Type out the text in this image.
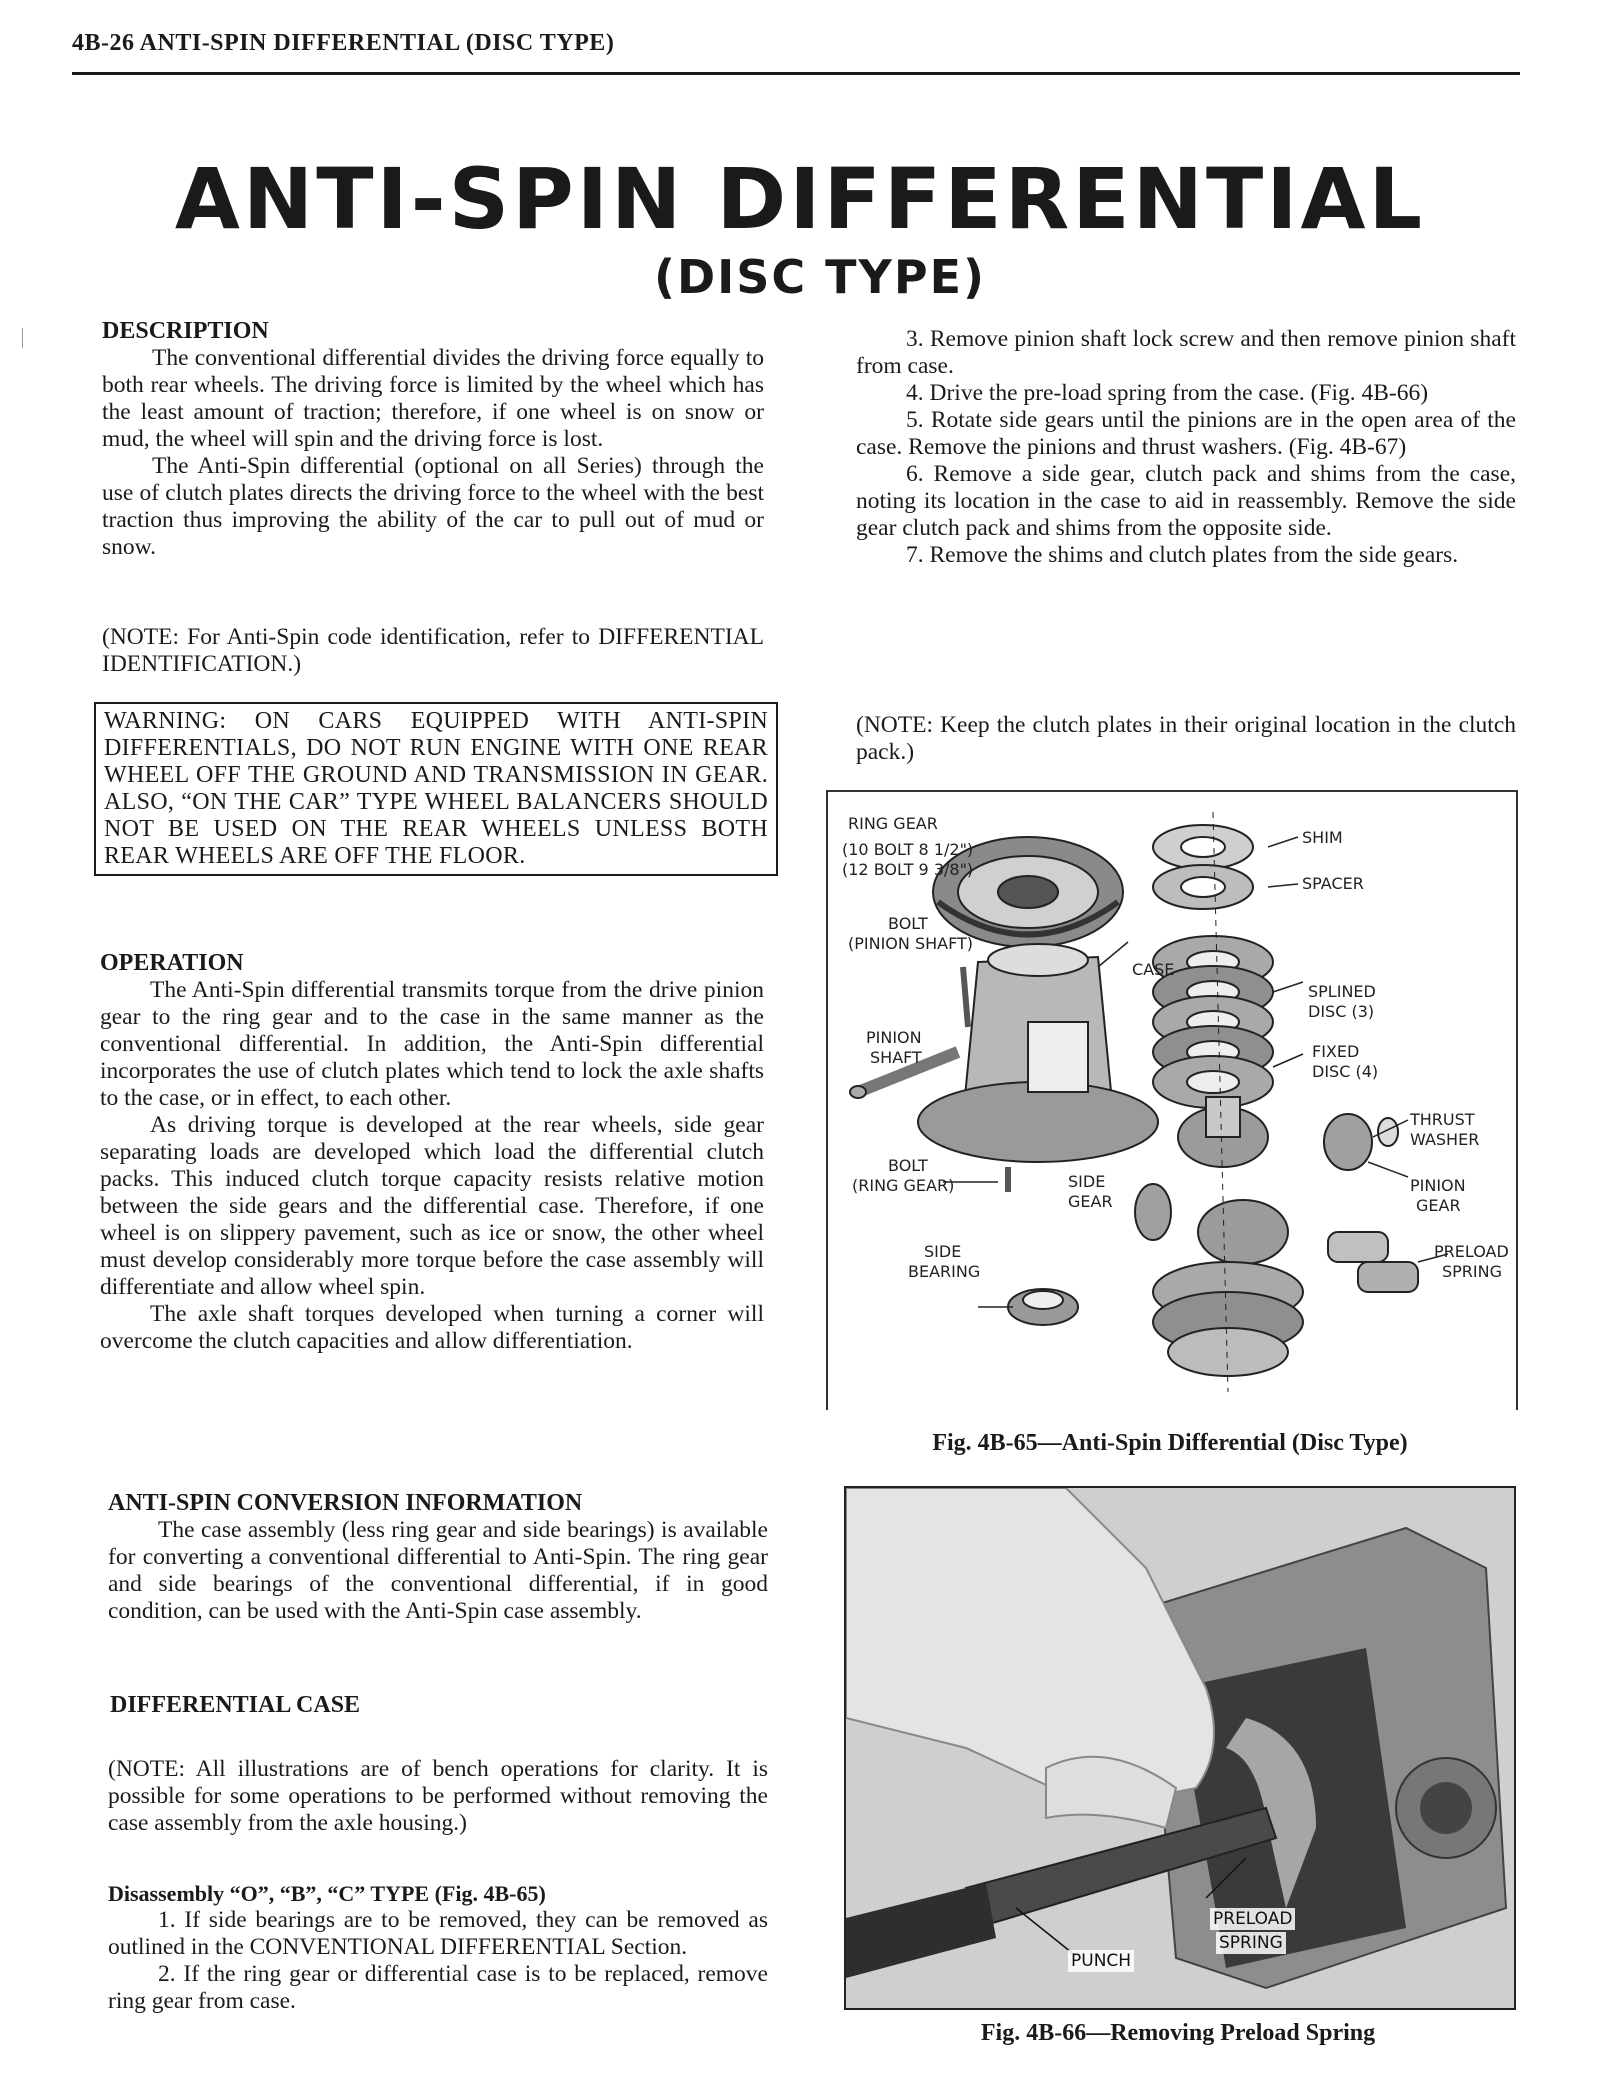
4B-26 ANTI-SPIN DIFFERENTIAL (DISC TYPE)
ANTI-SPIN DIFFERENTIAL
(DISC TYPE)

DESCRIPTION

The conventional differential divides the driving force equally to both rear wheels. The driving force is limited by the wheel which has the least amount of traction; therefore, if one wheel is on snow or mud, the wheel will spin and the driving force is lost.

The Anti-Spin differential (optional on all Series) through the use of clutch plates directs the driving force to the wheel with the best traction thus improving the ability of the car to pull out of mud or snow.

(NOTE: For Anti-Spin code identification, refer to DIFFERENTIAL IDENTIFICATION.)
WARNING: ON CARS EQUIPPED WITH ANTI-SPIN DIFFERENTIALS, DO NOT RUN ENGINE WITH ONE REAR WHEEL OFF THE GROUND AND TRANSMISSION IN GEAR. ALSO, “ON THE CAR” TYPE WHEEL BALANCERS SHOULD NOT BE USED ON THE REAR WHEELS UNLESS BOTH REAR WHEELS ARE OFF THE FLOOR.

OPERATION

The Anti-Spin differential transmits torque from the drive pinion gear to the ring gear and to the case in the same manner as the conventional differential. In addition, the Anti-Spin differential incorporates the use of clutch plates which tend to lock the axle shafts to the case, or in effect, to each other.

As driving torque is developed at the rear wheels, side gear separating loads are developed which load the differential clutch packs. This induced clutch torque capacity resists relative motion between the side gears and the differential case. Therefore, if one wheel is on slippery pavement, such as ice or snow, the other wheel must develop considerably more torque before the case assembly will differentiate and allow wheel spin.

The axle shaft torques developed when turning a corner will overcome the clutch capacities and allow differentiation.

ANTI-SPIN CONVERSION INFORMATION

The case assembly (less ring gear and side bearings) is available for converting a conventional differential to Anti-Spin. The ring gear and side bearings of the conventional differential, if in good condition, can be used with the Anti-Spin case assembly.

DIFFERENTIAL CASE

(NOTE: All illustrations are of bench operations for clarity. It is possible for some operations to be performed without removing the case assembly from the axle housing.)

Disassembly “O”, “B”, “C” TYPE (Fig. 4B-65)

1. If side bearings are to be removed, they can be removed as outlined in the CONVENTIONAL DIFFERENTIAL Section.

2. If the ring gear or differential case is to be replaced, remove ring gear from case.

3. Remove pinion shaft lock screw and then remove pinion shaft from case.

4. Drive the pre-load spring from the case. (Fig. 4B-66)

5. Rotate side gears until the pinions are in the open area of the case. Remove the pinions and thrust washers. (Fig. 4B-67)

6. Remove a side gear, clutch pack and shims from the case, noting its location in the case to aid in reassembly. Remove the side gear clutch pack and shims from the opposite side.

7. Remove the shims and clutch plates from the side gears.

(NOTE: Keep the clutch plates in their original location in the clutch pack.)
RING GEAR
(10 BOLT 8 1/2")
(12 BOLT 9 3/8")
SHIM
SPACER
BOLT
(PINION SHAFT)
CASE
SPLINED
DISC (3)
PINION
SHAFT	FIXED
DISC (4)
THRUST
WASHER
BOLT
(RING GEAR)	SIDE
GEAR
PINION
GEAR
SIDE
BEARING
PRELOAD
SPRING
Fig. 4B-65—Anti-Spin Differential (Disc Type)
PRELOAD
SPRING
PUNCH
Fig. 4B-66—Removing Preload Spring
